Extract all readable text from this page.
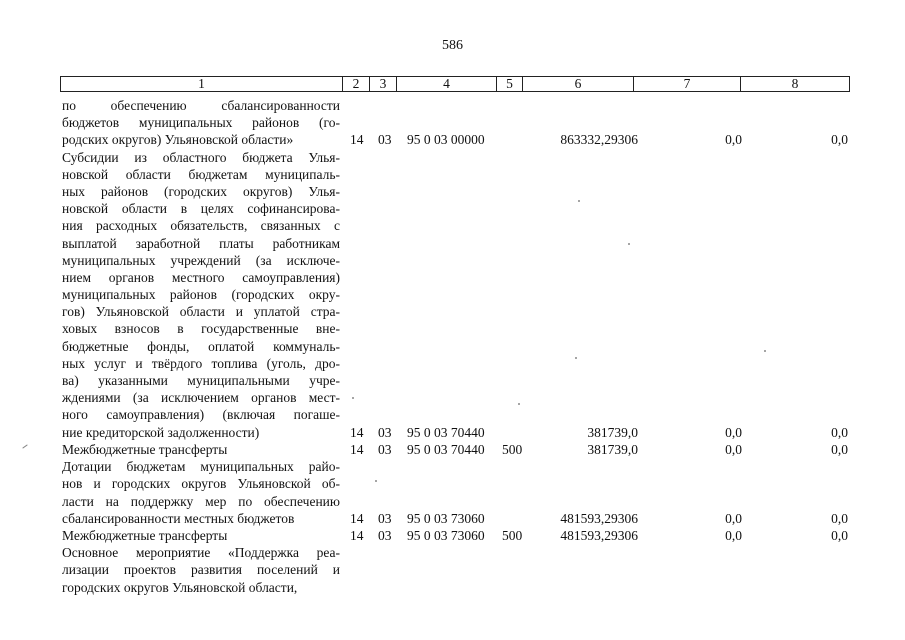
586
1	2	3	4	5	6	7	8
по обеспечению сбалансированности
бюджетов муниципальных районов (го-
родских округов) Ульяновской области»	14 03 95 0 03 00000	863332,29306	0,0	0,0
Субсидии из областного бюджета Улья-
новской области бюджетам муниципаль-
ных районов (городских округов) Улья-
новской области в целях софинансирова-
ния расходных обязательств, связанных с
выплатой заработной платы работникам
муниципальных учреждений (за исключе-
нием органов местного самоуправления)
муниципальных районов (городских окру-
гов) Ульяновской области и уплатой стра-
ховых взносов в государственные вне-
бюджетные фонды, оплатой коммуналь-
ных услуг и твёрдого топлива (уголь, дро-
ва) указанными муниципальными учре-
ждениями (за исключением органов мест-
ного самоуправления) (включая погаше-
ние кредиторской задолженности)	14 03 95 0 03 70440	381739,0	0,0	0,0
Межбюджетные трансферты	14 03 95 0 03 70440 500	381739,0	0,0	0,0
Дотации бюджетам муниципальных райо-
нов и городских округов Ульяновской об-
ласти на поддержку мер по обеспечению
сбалансированности местных бюджетов	14 03 95 0 03 73060	481593,29306	0,0	0,0
Межбюджетные трансферты	14 03 95 0 03 73060 500	481593,29306	0,0	0,0
Основное мероприятие «Поддержка реа-
лизации проектов развития поселений и
городских округов Ульяновской области,
